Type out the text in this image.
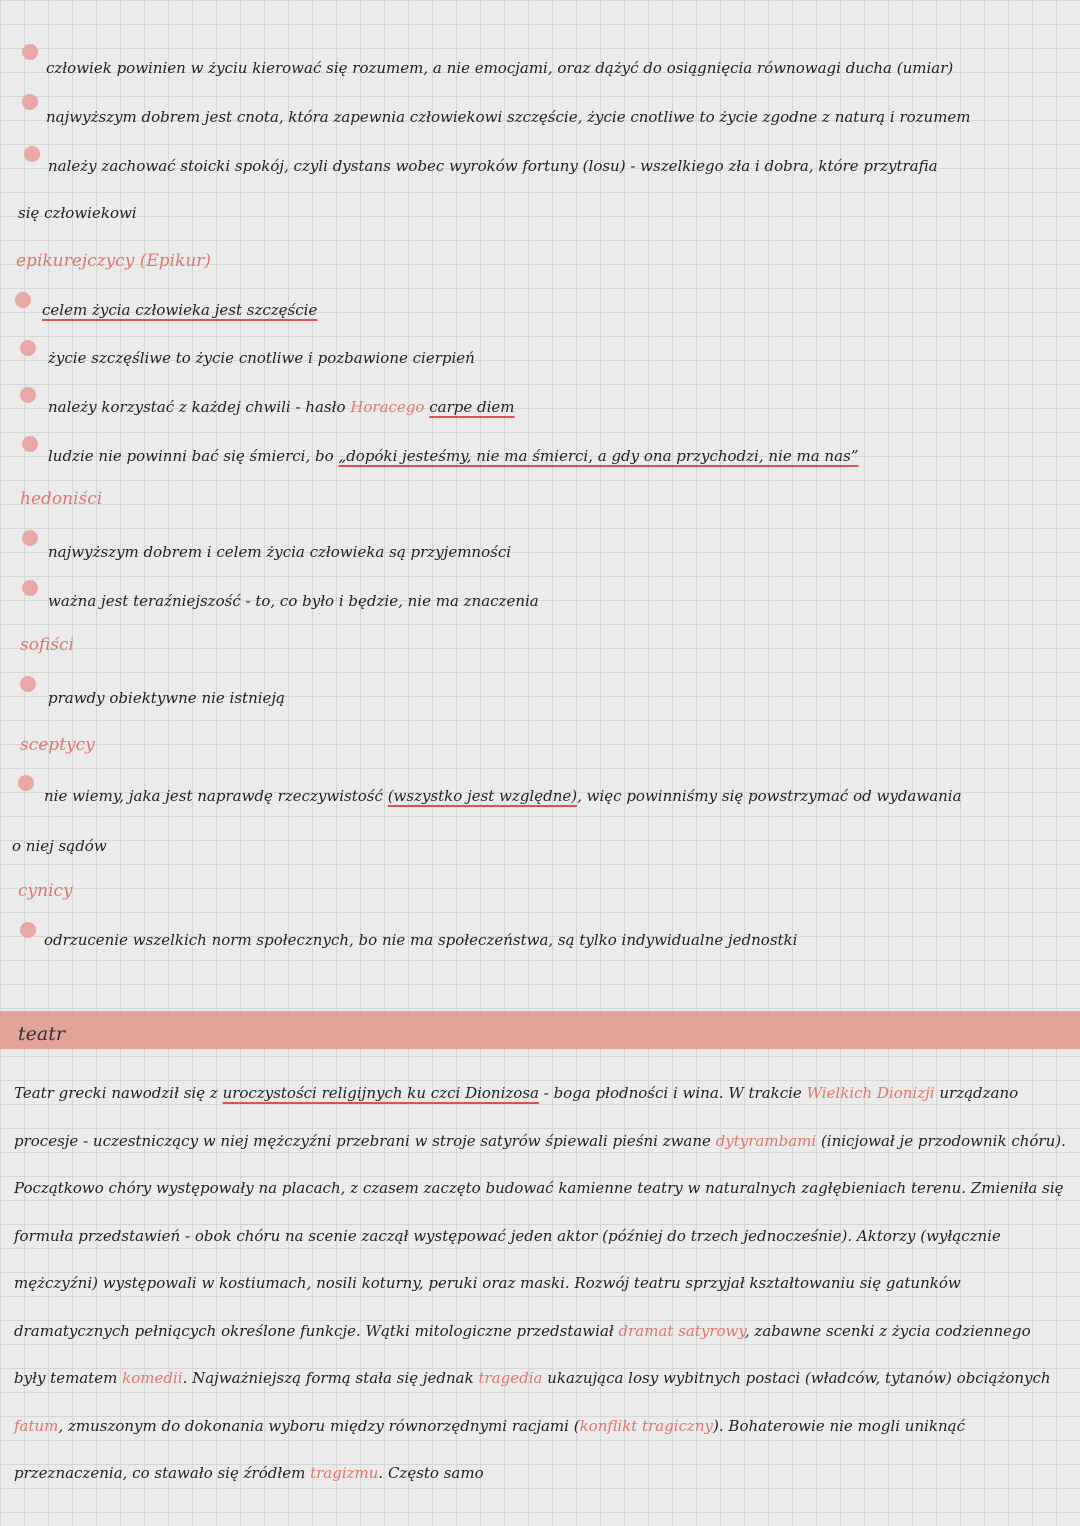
człowiek powinien w życiu kierować się rozumem, a nie emocjami, oraz dążyć do osiągnięcia równowagi ducha (umiar)
najwyższym dobrem jest cnota, która zapewnia człowiekowi szczęście, życie cnotliwe to życie zgodne z naturą i rozumem
należy zachować stoicki spokój, czyli dystans wobec wyroków fortuny (losu) - wszelkiego zła i dobra, które przytrafia
się człowiekowi
epikurejczycy (Epikur)
celem życia człowieka jest szczęście
życie szczęśliwe to życie cnotliwe i pozbawione cierpień
należy korzystać z każdej chwili - hasło Horacego carpe diem
ludzie nie powinni bać się śmierci, bo „dopóki jesteśmy, nie ma śmierci, a gdy ona przychodzi, nie ma nas”
hedoniści
najwyższym dobrem i celem życia człowieka są przyjemności
ważna jest teraźniejszość - to, co było i będzie, nie ma znaczenia
sofiści
prawdy obiektywne nie istnieją
sceptycy
nie wiemy, jaka jest naprawdę rzeczywistość (wszystko jest względne), więc powinniśmy się powstrzymać od wydawania
o niej sądów
cynicy
odrzucenie wszelkich norm społecznych, bo nie ma społeczeństwa, są tylko indywidualne jednostki
teatr
Teatr grecki nawodził się z uroczystości religijnych ku czci Dionizosa - boga płodności i wina. W trakcie Wielkich Dionizji urządzano procesje - uczestniczący w niej mężczyźni przebrani w stroje satyrów śpiewali pieśni zwane dytyrambami (inicjował je przodownik chóru). Początkowo chóry występowały na placach, z czasem zaczęto budować kamienne teatry w naturalnych zagłębieniach terenu. Zmieniła się formuła przedstawień - obok chóru na scenie zaczął występować jeden aktor (później do trzech jednocześnie). Aktorzy (wyłącznie mężczyźni) występowali w kostiumach, nosili koturny, peruki oraz maski. Rozwój teatru sprzyjał kształtowaniu się gatunków dramatycznych pełniących określone funkcje. Wątki mitologiczne przedstawiał dramat satyrowy, zabawne scenki z życia codziennego były tematem komedii. Najważniejszą formą stała się jednak tragedia ukazująca losy wybitnych postaci (władców, tytanów) obciążonych fatum, zmuszonym do dokonania wyboru między równorzędnymi racjami (konflikt tragiczny). Bohaterowie nie mogli uniknąć przeznaczenia, co stawało się źródłem tragizmu. Często samo
